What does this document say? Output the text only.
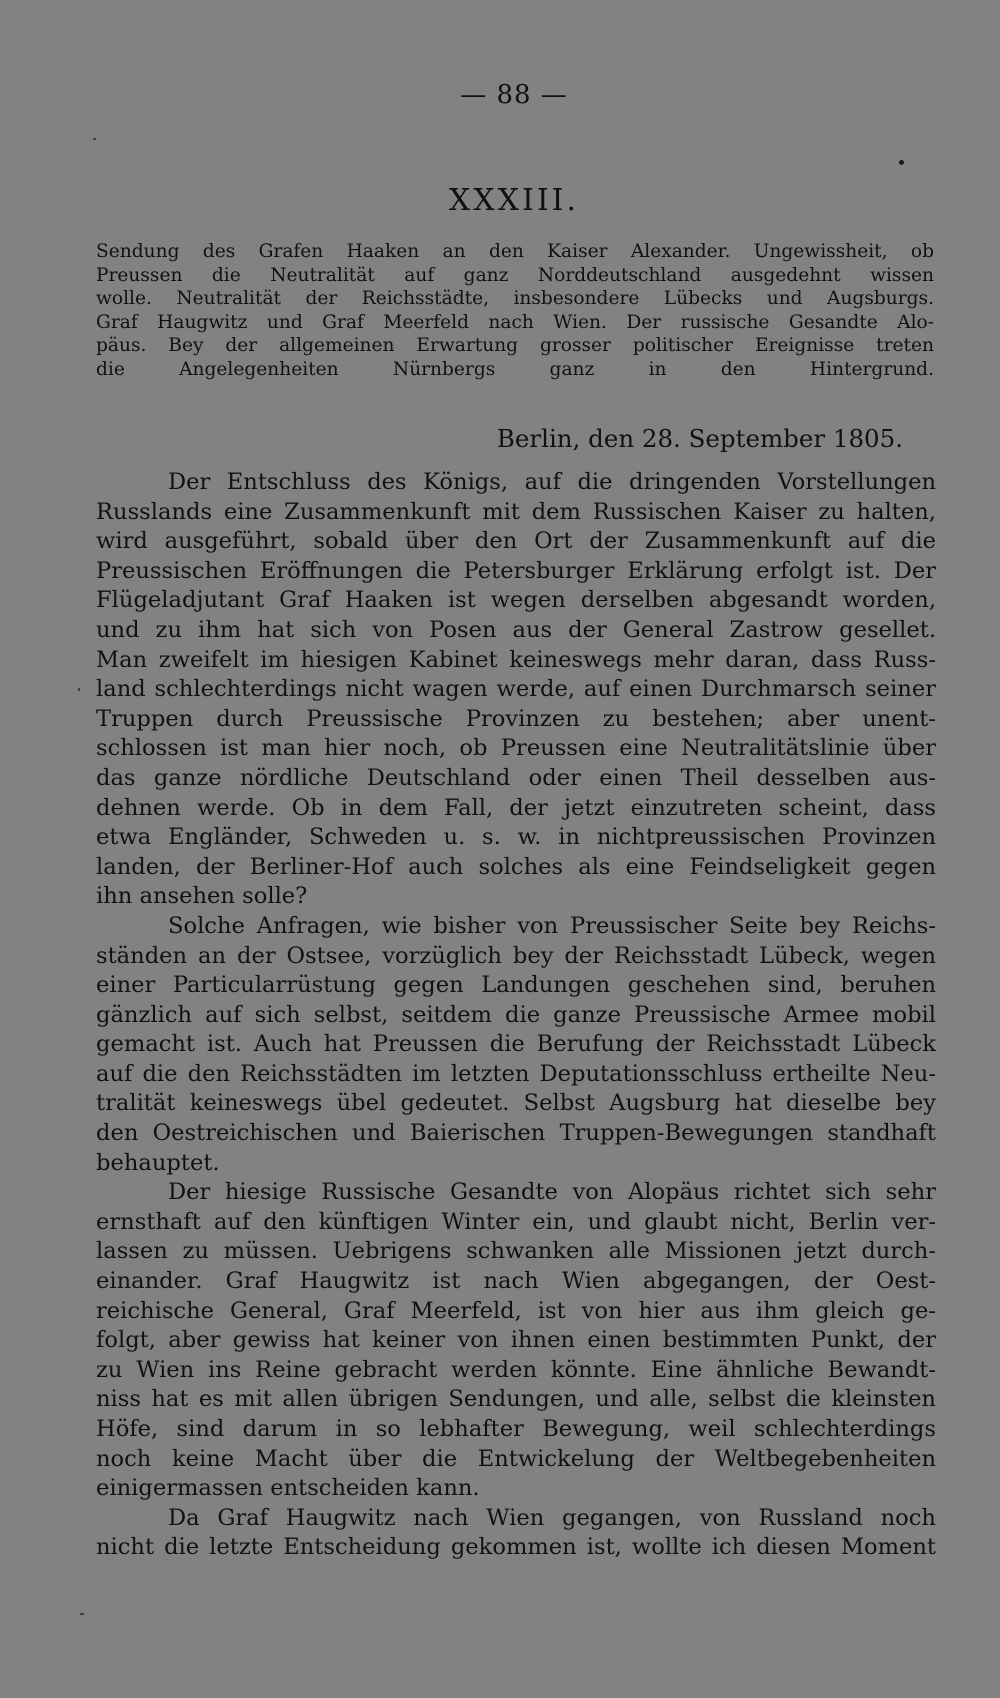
— 88 —
XXXIII.
Sendung des Grafen Haaken an den Kaiser Alexander. Ungewissheit, ob
Preussen die Neutralität auf ganz Norddeutschland ausgedehnt wissen
wolle. Neutralität der Reichsstädte, insbesondere Lübecks und Augsburgs.
Graf Haugwitz und Graf Meerfeld nach Wien. Der russische Gesandte Alo-
päus. Bey der allgemeinen Erwartung grosser politischer Ereignisse treten
die Angelegenheiten Nürnbergs ganz in den Hintergrund.
Berlin, den 28. September 1805.
Der Entschluss des Königs, auf die dringenden Vorstellungen
Russlands eine Zusammenkunft mit dem Russischen Kaiser zu halten,
wird ausgeführt, sobald über den Ort der Zusammenkunft auf die
Preussischen Eröffnungen die Petersburger Erklärung erfolgt ist. Der
Flügeladjutant Graf Haaken ist wegen derselben abgesandt worden,
und zu ihm hat sich von Posen aus der General Zastrow gesellet.
Man zweifelt im hiesigen Kabinet keineswegs mehr daran, dass Russ-
land schlechterdings nicht wagen werde, auf einen Durchmarsch seiner
Truppen durch Preussische Provinzen zu bestehen; aber unent-
schlossen ist man hier noch, ob Preussen eine Neutralitätslinie über
das ganze nördliche Deutschland oder einen Theil desselben aus-
dehnen werde. Ob in dem Fall, der jetzt einzutreten scheint, dass
etwa Engländer, Schweden u. s. w. in nichtpreussischen Provinzen
landen, der Berliner-Hof auch solches als eine Feindseligkeit gegen
ihn ansehen solle?
Solche Anfragen, wie bisher von Preussischer Seite bey Reichs-
ständen an der Ostsee, vorzüglich bey der Reichsstadt Lübeck, wegen
einer Particularrüstung gegen Landungen geschehen sind, beruhen
gänzlich auf sich selbst, seitdem die ganze Preussische Armee mobil
gemacht ist. Auch hat Preussen die Berufung der Reichsstadt Lübeck
auf die den Reichsstädten im letzten Deputationsschluss ertheilte Neu-
tralität keineswegs übel gedeutet. Selbst Augsburg hat dieselbe bey
den Oestreichischen und Baierischen Truppen-Bewegungen standhaft
behauptet.
Der hiesige Russische Gesandte von Alopäus richtet sich sehr
ernsthaft auf den künftigen Winter ein, und glaubt nicht, Berlin ver-
lassen zu müssen. Uebrigens schwanken alle Missionen jetzt durch-
einander. Graf Haugwitz ist nach Wien abgegangen, der Oest-
reichische General, Graf Meerfeld, ist von hier aus ihm gleich ge-
folgt, aber gewiss hat keiner von ihnen einen bestimmten Punkt, der
zu Wien ins Reine gebracht werden könnte. Eine ähnliche Bewandt-
niss hat es mit allen übrigen Sendungen, und alle, selbst die kleinsten
Höfe, sind darum in so lebhafter Bewegung, weil schlechterdings
noch keine Macht über die Entwickelung der Weltbegebenheiten
einigermassen entscheiden kann.
Da Graf Haugwitz nach Wien gegangen, von Russland noch
nicht die letzte Entscheidung gekommen ist, wollte ich diesen Moment
